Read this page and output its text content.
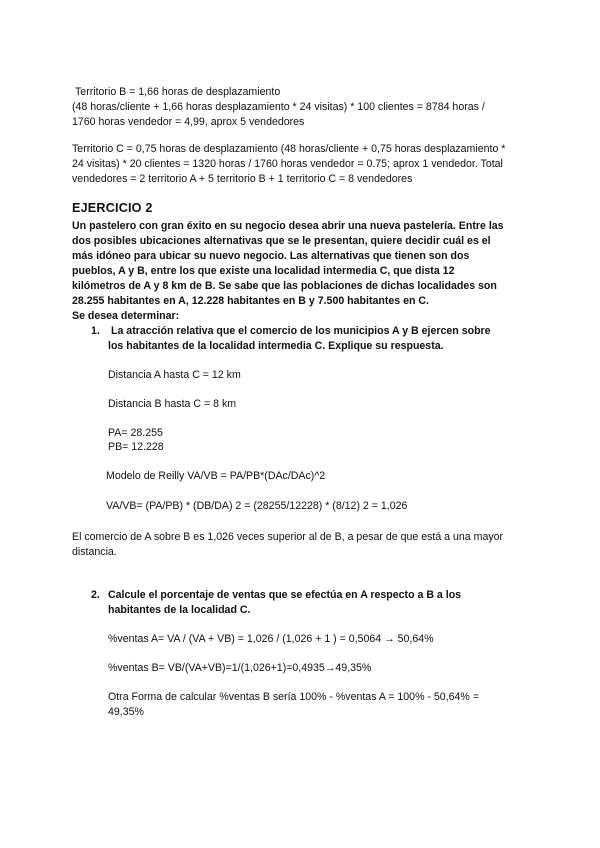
Territorio B = 1,66 horas de desplazamiento
(48 horas/cliente + 1,66 horas desplazamiento * 24 visitas) * 100 clientes = 8784 horas /
1760 horas vendedor = 4,99, aprox 5 vendedores
Territorio C = 0,75 horas de desplazamiento (48 horas/cliente + 0,75 horas desplazamiento *
24 visitas) * 20 clientes = 1320 horas / 1760 horas vendedor = 0.75; aprox 1 vendedor. Total
vendedores = 2 territorio A + 5 territorio B + 1 territorio C = 8 vendedores
EJERCICIO 2
Un pastelero con gran éxito en su negocio desea abrir una nueva pastelería. Entre las
dos posibles ubicaciones alternativas que se le presentan, quiere decidir cuál es el
más idóneo para ubicar su nuevo negocio. Las alternativas que tienen son dos
pueblos, A y B, entre los que existe una localidad intermedia C, que dista 12
kilómetros de A y 8 km de B. Se sabe que las poblaciones de dichas localidades son
28.255 habitantes en A, 12.228 habitantes en B y 7.500 habitantes en C.
Se desea determinar:
1. La atracción relativa que el comercio de los municipios A y B ejercen sobre
los habitantes de la localidad intermedia C. Explique su respuesta.
Distancia A hasta C = 12 km
Distancia B hasta C = 8 km
PA= 28.255
PB= 12.228
Modelo de Reilly VA/VB = PA/PB*(DAc/DAc)^2
VA/VB= (PA/PB) * (DB/DA) 2 = (28255/12228) * (8/12) 2 = 1,026
El comercio de A sobre B es 1,026 veces superior al de B, a pesar de que está a una mayor
distancia.
2. Calcule el porcentaje de ventas que se efectúa en A respecto a B a los
habitantes de la localidad C.
%ventas A= VA / (VA + VB) = 1,026 / (1,026 + 1 ) = 0,5064 → 50,64%
%ventas B= VB/(VA+VB)=1/(1,026+1)=0,4935→49,35%
Otra Forma de calcular %ventas B sería 100% - %ventas A = 100% - 50,64% =
49,35%
